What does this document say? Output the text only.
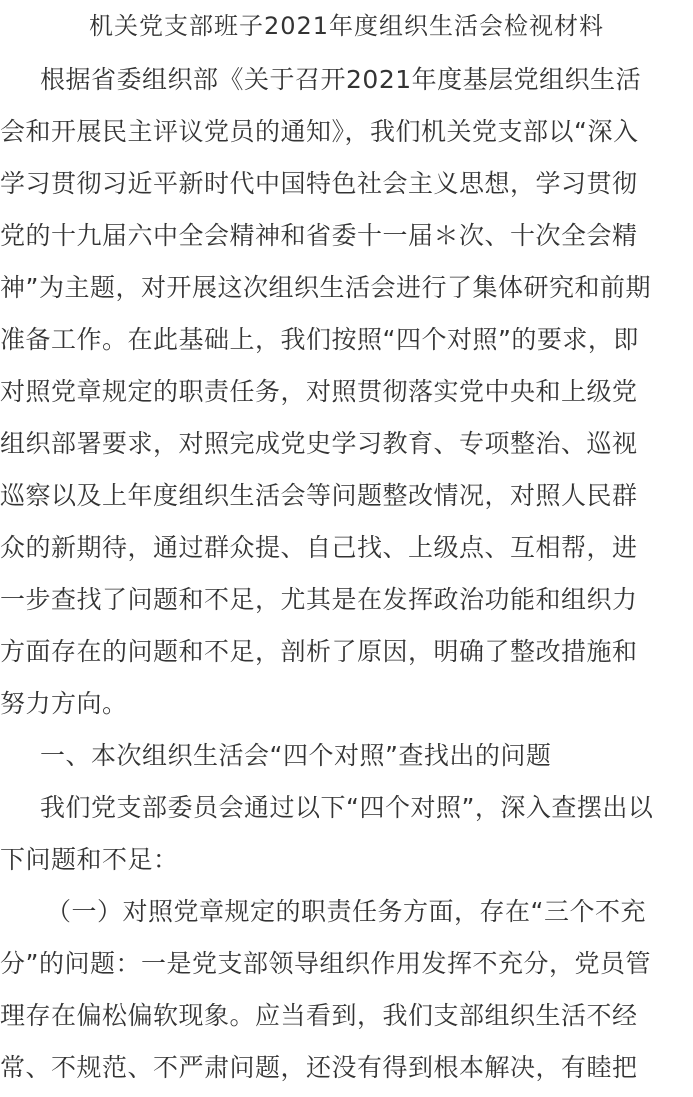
机关党支部班子2021年度组织生活会检视材料
根据省委组织部《关于召开2021年度基层党组织生活
会和开展民主评议党员的通知》，我们机关党支部以“深入
学习贯彻习近平新时代中国特色社会主义思想，学习贯彻
党的十九届六中全会精神和省委十一届＊次、十次全会精
神”为主题，对开展这次组织生活会进行了集体研究和前期
准备工作。在此基础上，我们按照“四个对照”的要求，即
对照党章规定的职责任务，对照贯彻落实党中央和上级党
组织部署要求，对照完成党史学习教育、专项整治、巡视
巡察以及上年度组织生活会等问题整改情况，对照人民群
众的新期待，通过群众提、自己找、上级点、互相帮，进
一步查找了问题和不足，尤其是在发挥政治功能和组织力
方面存在的问题和不足，剖析了原因，明确了整改措施和
努力方向。
一、本次组织生活会“四个对照”查找出的问题
我们党支部委员会通过以下“四个对照”，深入查摆出以
下问题和不足：
（一）对照党章规定的职责任务方面，存在“三个不充
分”的问题：一是党支部领导组织作用发挥不充分，党员管
理存在偏松偏软现象。应当看到，我们支部组织生活不经
常、不规范、不严肃问题，还没有得到根本解决，有睦把
